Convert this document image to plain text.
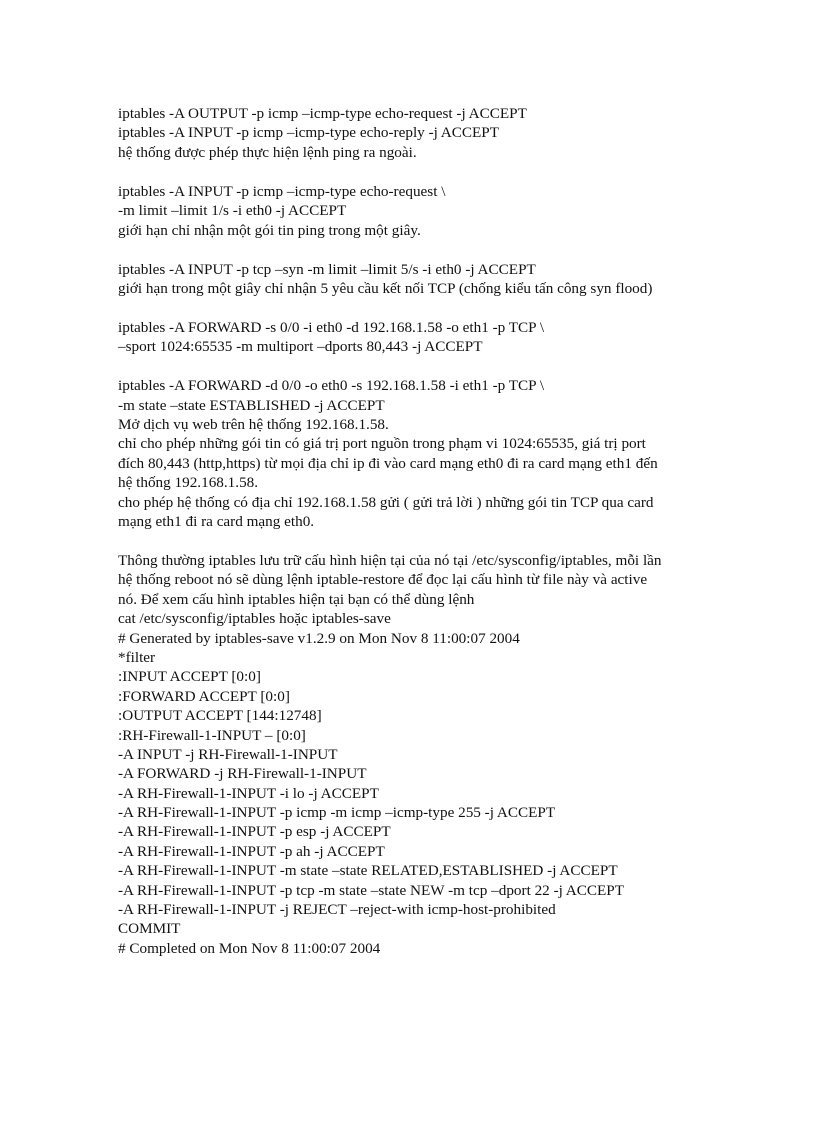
iptables -A OUTPUT -p icmp –icmp-type echo-request -j ACCEPT
iptables -A INPUT -p icmp –icmp-type echo-reply -j ACCEPT
hệ thống được phép thực hiện lệnh ping ra ngoài.
iptables -A INPUT -p icmp –icmp-type echo-request \
-m limit –limit 1/s -i eth0 -j ACCEPT
giới hạn chỉ nhận một gói tin ping trong một giây.
iptables -A INPUT -p tcp –syn -m limit –limit 5/s -i eth0 -j ACCEPT
giới hạn trong một giây chỉ nhận 5 yêu cầu kết nối TCP (chống kiểu tấn công syn flood)
iptables -A FORWARD -s 0/0 -i eth0 -d 192.168.1.58 -o eth1 -p TCP \
–sport 1024:65535 -m multiport –dports 80,443 -j ACCEPT
iptables -A FORWARD -d 0/0 -o eth0 -s 192.168.1.58 -i eth1 -p TCP \
-m state –state ESTABLISHED -j ACCEPT
Mở dịch vụ web trên hệ thống 192.168.1.58.
chỉ cho phép những gói tin có giá trị port nguồn trong phạm vi 1024:65535, giá trị port
đích 80,443 (http,https) từ mọi địa chỉ ip đi vào card mạng eth0 đi ra card mạng eth1 đến
hệ thống 192.168.1.58.
cho phép hệ thống có địa chỉ 192.168.1.58 gửi ( gửi trả lời ) những gói tin TCP qua card
mạng eth1 đi ra card mạng eth0.
Thông thường iptables lưu trữ cấu hình hiện tại của nó tại /etc/sysconfig/iptables, mỗi lần
hệ thống reboot nó sẽ dùng lệnh iptable-restore để đọc lại cấu hình từ file này và active
nó. Để xem cấu hình iptables hiện tại bạn có thể dùng lệnh
cat /etc/sysconfig/iptables hoặc iptables-save
# Generated by iptables-save v1.2.9 on Mon Nov 8 11:00:07 2004
*filter
:INPUT ACCEPT [0:0]
:FORWARD ACCEPT [0:0]
:OUTPUT ACCEPT [144:12748]
:RH-Firewall-1-INPUT – [0:0]
-A INPUT -j RH-Firewall-1-INPUT
-A FORWARD -j RH-Firewall-1-INPUT
-A RH-Firewall-1-INPUT -i lo -j ACCEPT
-A RH-Firewall-1-INPUT -p icmp -m icmp –icmp-type 255 -j ACCEPT
-A RH-Firewall-1-INPUT -p esp -j ACCEPT
-A RH-Firewall-1-INPUT -p ah -j ACCEPT
-A RH-Firewall-1-INPUT -m state –state RELATED,ESTABLISHED -j ACCEPT
-A RH-Firewall-1-INPUT -p tcp -m state –state NEW -m tcp –dport 22 -j ACCEPT
-A RH-Firewall-1-INPUT -j REJECT –reject-with icmp-host-prohibited
COMMIT
# Completed on Mon Nov 8 11:00:07 2004
